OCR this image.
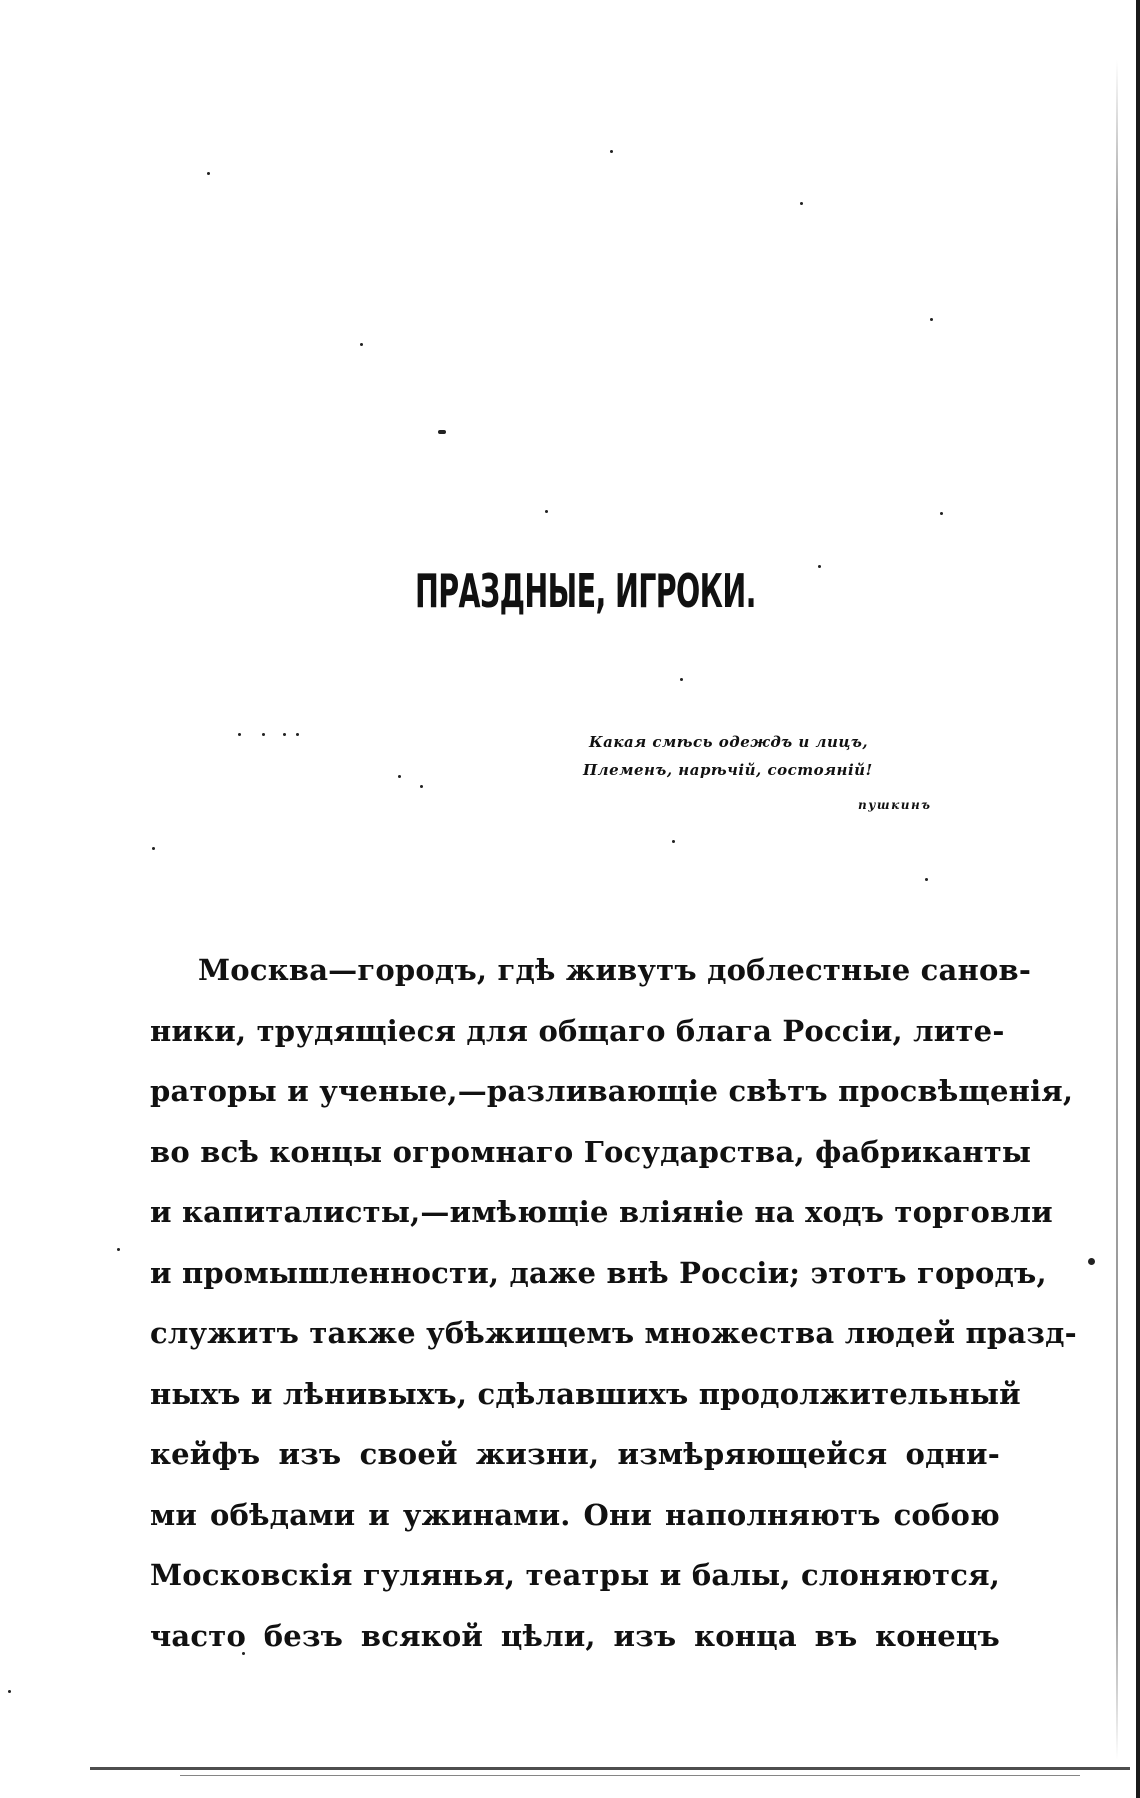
ПРАЗДНЫЕ, ИГРОКИ.
Какая смѣсь одеждъ и лицъ,
Племенъ, нарѣчій, состояній!
пушкинъ
Москва—городъ, гдѣ живутъ доблестные санов-
ники, трудящіеся для общаго блага Россіи, лите-
раторы и ученые,—разливающіе свѣтъ просвѣщенія,
во всѣ концы огромнаго Государства, фабриканты
и капиталисты,—имѣющіе вліяніе на ходъ торговли
и промышленности, даже внѣ Россіи; этотъ городъ,
служитъ также убѣжищемъ множества людей празд-
ныхъ и лѣнивыхъ, сдѣлавшихъ продолжительный
кейфъ изъ своей жизни, измѣряющейся одни-
ми обѣдами и ужинами. Они наполняютъ собою
Московскія гулянья, театры и балы, слоняются,
часто безъ всякой цѣли, изъ конца въ конецъ
